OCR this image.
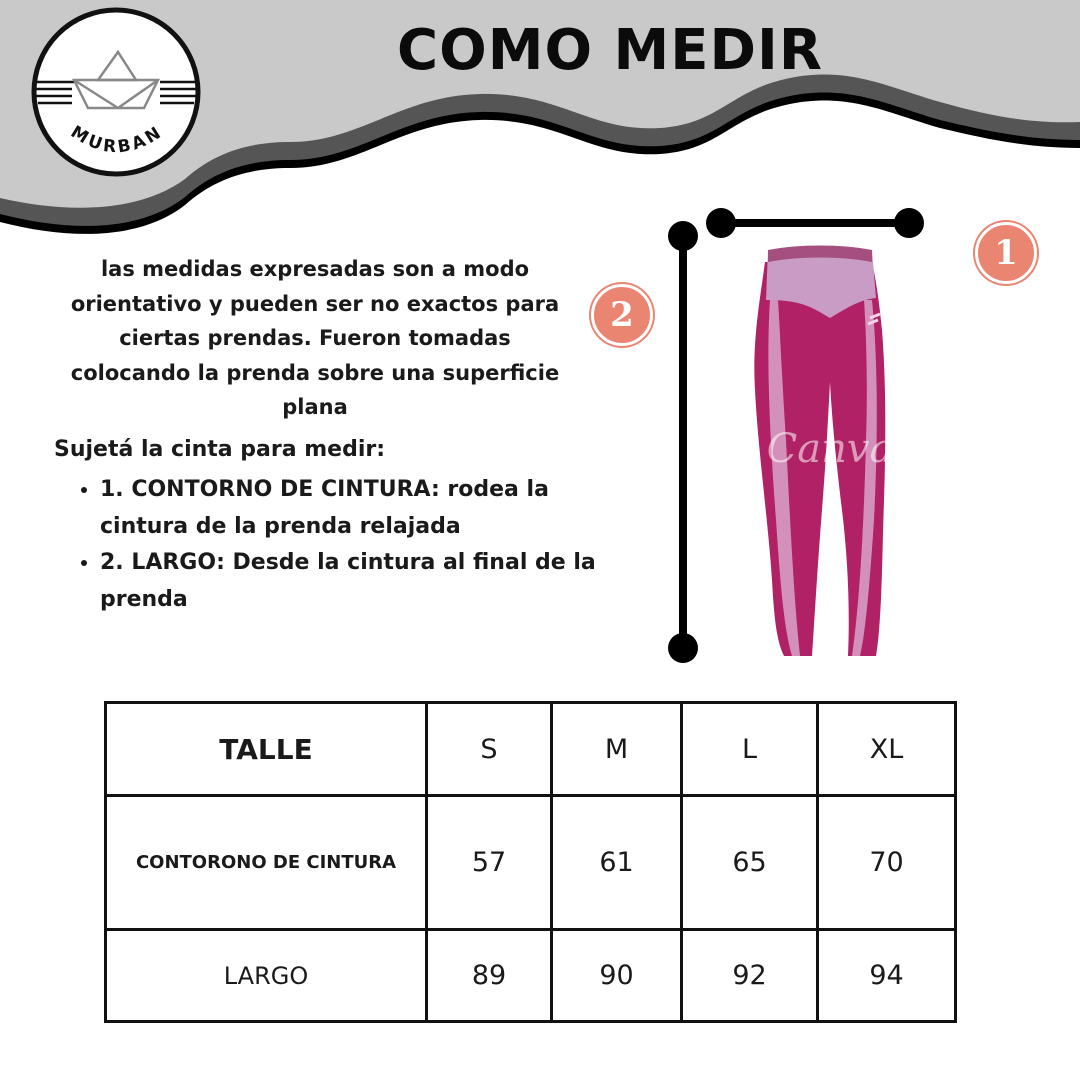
MURBAN
COMO MEDIR
las medidas expresadas son a modo orientativo y pueden ser no exactos para ciertas prendas. Fueron tomadas colocando la prenda sobre una superficie plana
Sujetá la cinta para medir:
• 1. CONTORNO DE CINTURA: rodea la cintura de la prenda relajada
• 2. LARGO: Desde la cintura al final de la prenda
Canva
1
2
TALLE	S	M	L	XL
CONTORONO DE CINTURA	57	61	65	70
LARGO	89	90	92	94
